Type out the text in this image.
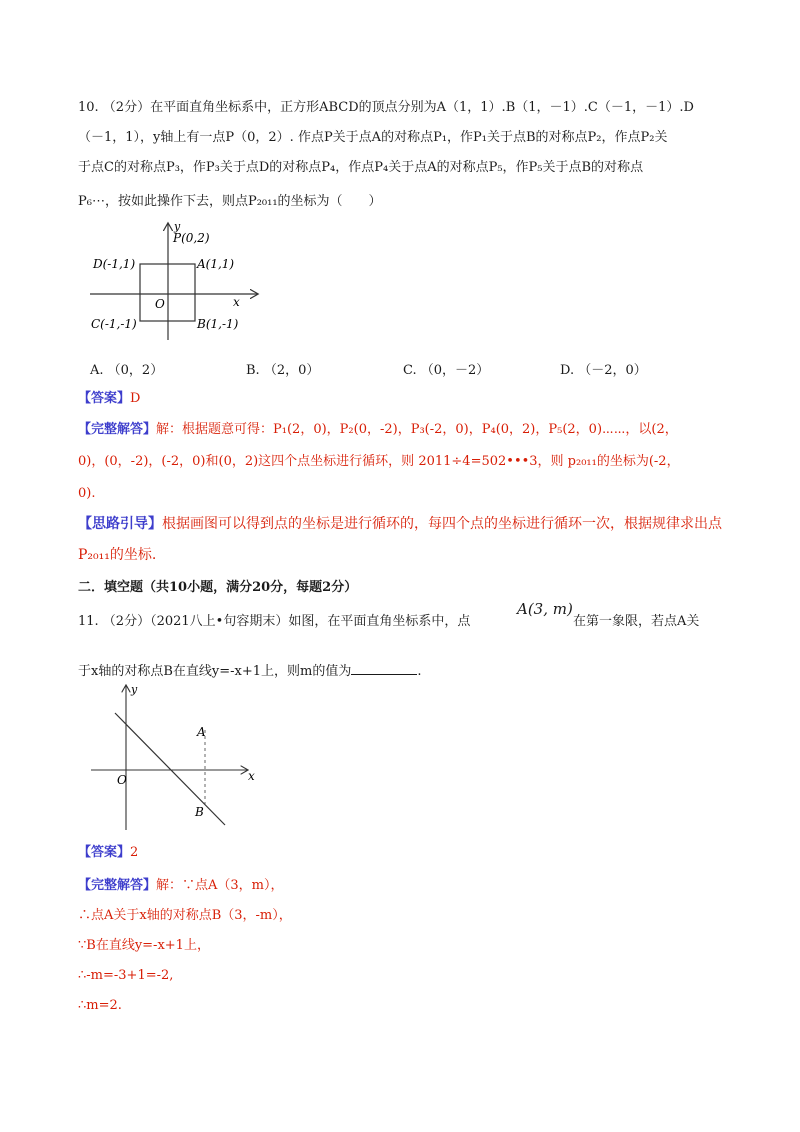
10. （2分）在平面直角坐标系中，正方形ABCD的顶点分别为A（1，1）.B（1，－1）.C（－1，－1）.D
（－1，1），y轴上有一点P（0，2）. 作点P关于点A的对称点P₁，作P₁关于点B的对称点P₂，作点P₂关
于点C的对称点P₃，作P₃关于点D的对称点P₄，作点P₄关于点A的对称点P₅，作P₅关于点B的对称点
P₆⋯，按如此操作下去，则点P₂₀₁₁的坐标为（　　）
y
P(0,2)
D(-1,1)	A(1,1)
O	x
C(-1,-1)	B(1,-1)
A. （0，2）	B. （2，0）	C. （0，－2）	D. （－2，0）
【答案】D
【完整解答】解：根据题意可得：P₁(2，0)，P₂(0，-2)，P₃(-2，0)，P₄(0，2)，P₅(2，0)⋯⋯，以(2，
0)，(0，-2)，(-2，0)和(0，2)这四个点坐标进行循环，则 2011÷4=502•••3，则 p₂₀₁₁的坐标为(-2，
0).
【思路引导】根据画图可以得到点的坐标是进行循环的，每四个点的坐标进行循环一次，根据规律求出点
P₂₀₁₁的坐标.
二．填空题（共10小题，满分20分，每题2分）
11. （2分）（2021八上•句容期末）如图，在平面直角坐标系中，点
A(3, m)
在第一象限，若点A关
于x轴的对称点B在直线y=-x+1上，则m的值为	.
y
A
O	x
B
【答案】2
【完整解答】解：∵点A（3，m），
∴点A关于x轴的对称点B（3，-m），
∵B在直线y=-x+1上，
∴-m=-3+1=-2,
∴m=2.
